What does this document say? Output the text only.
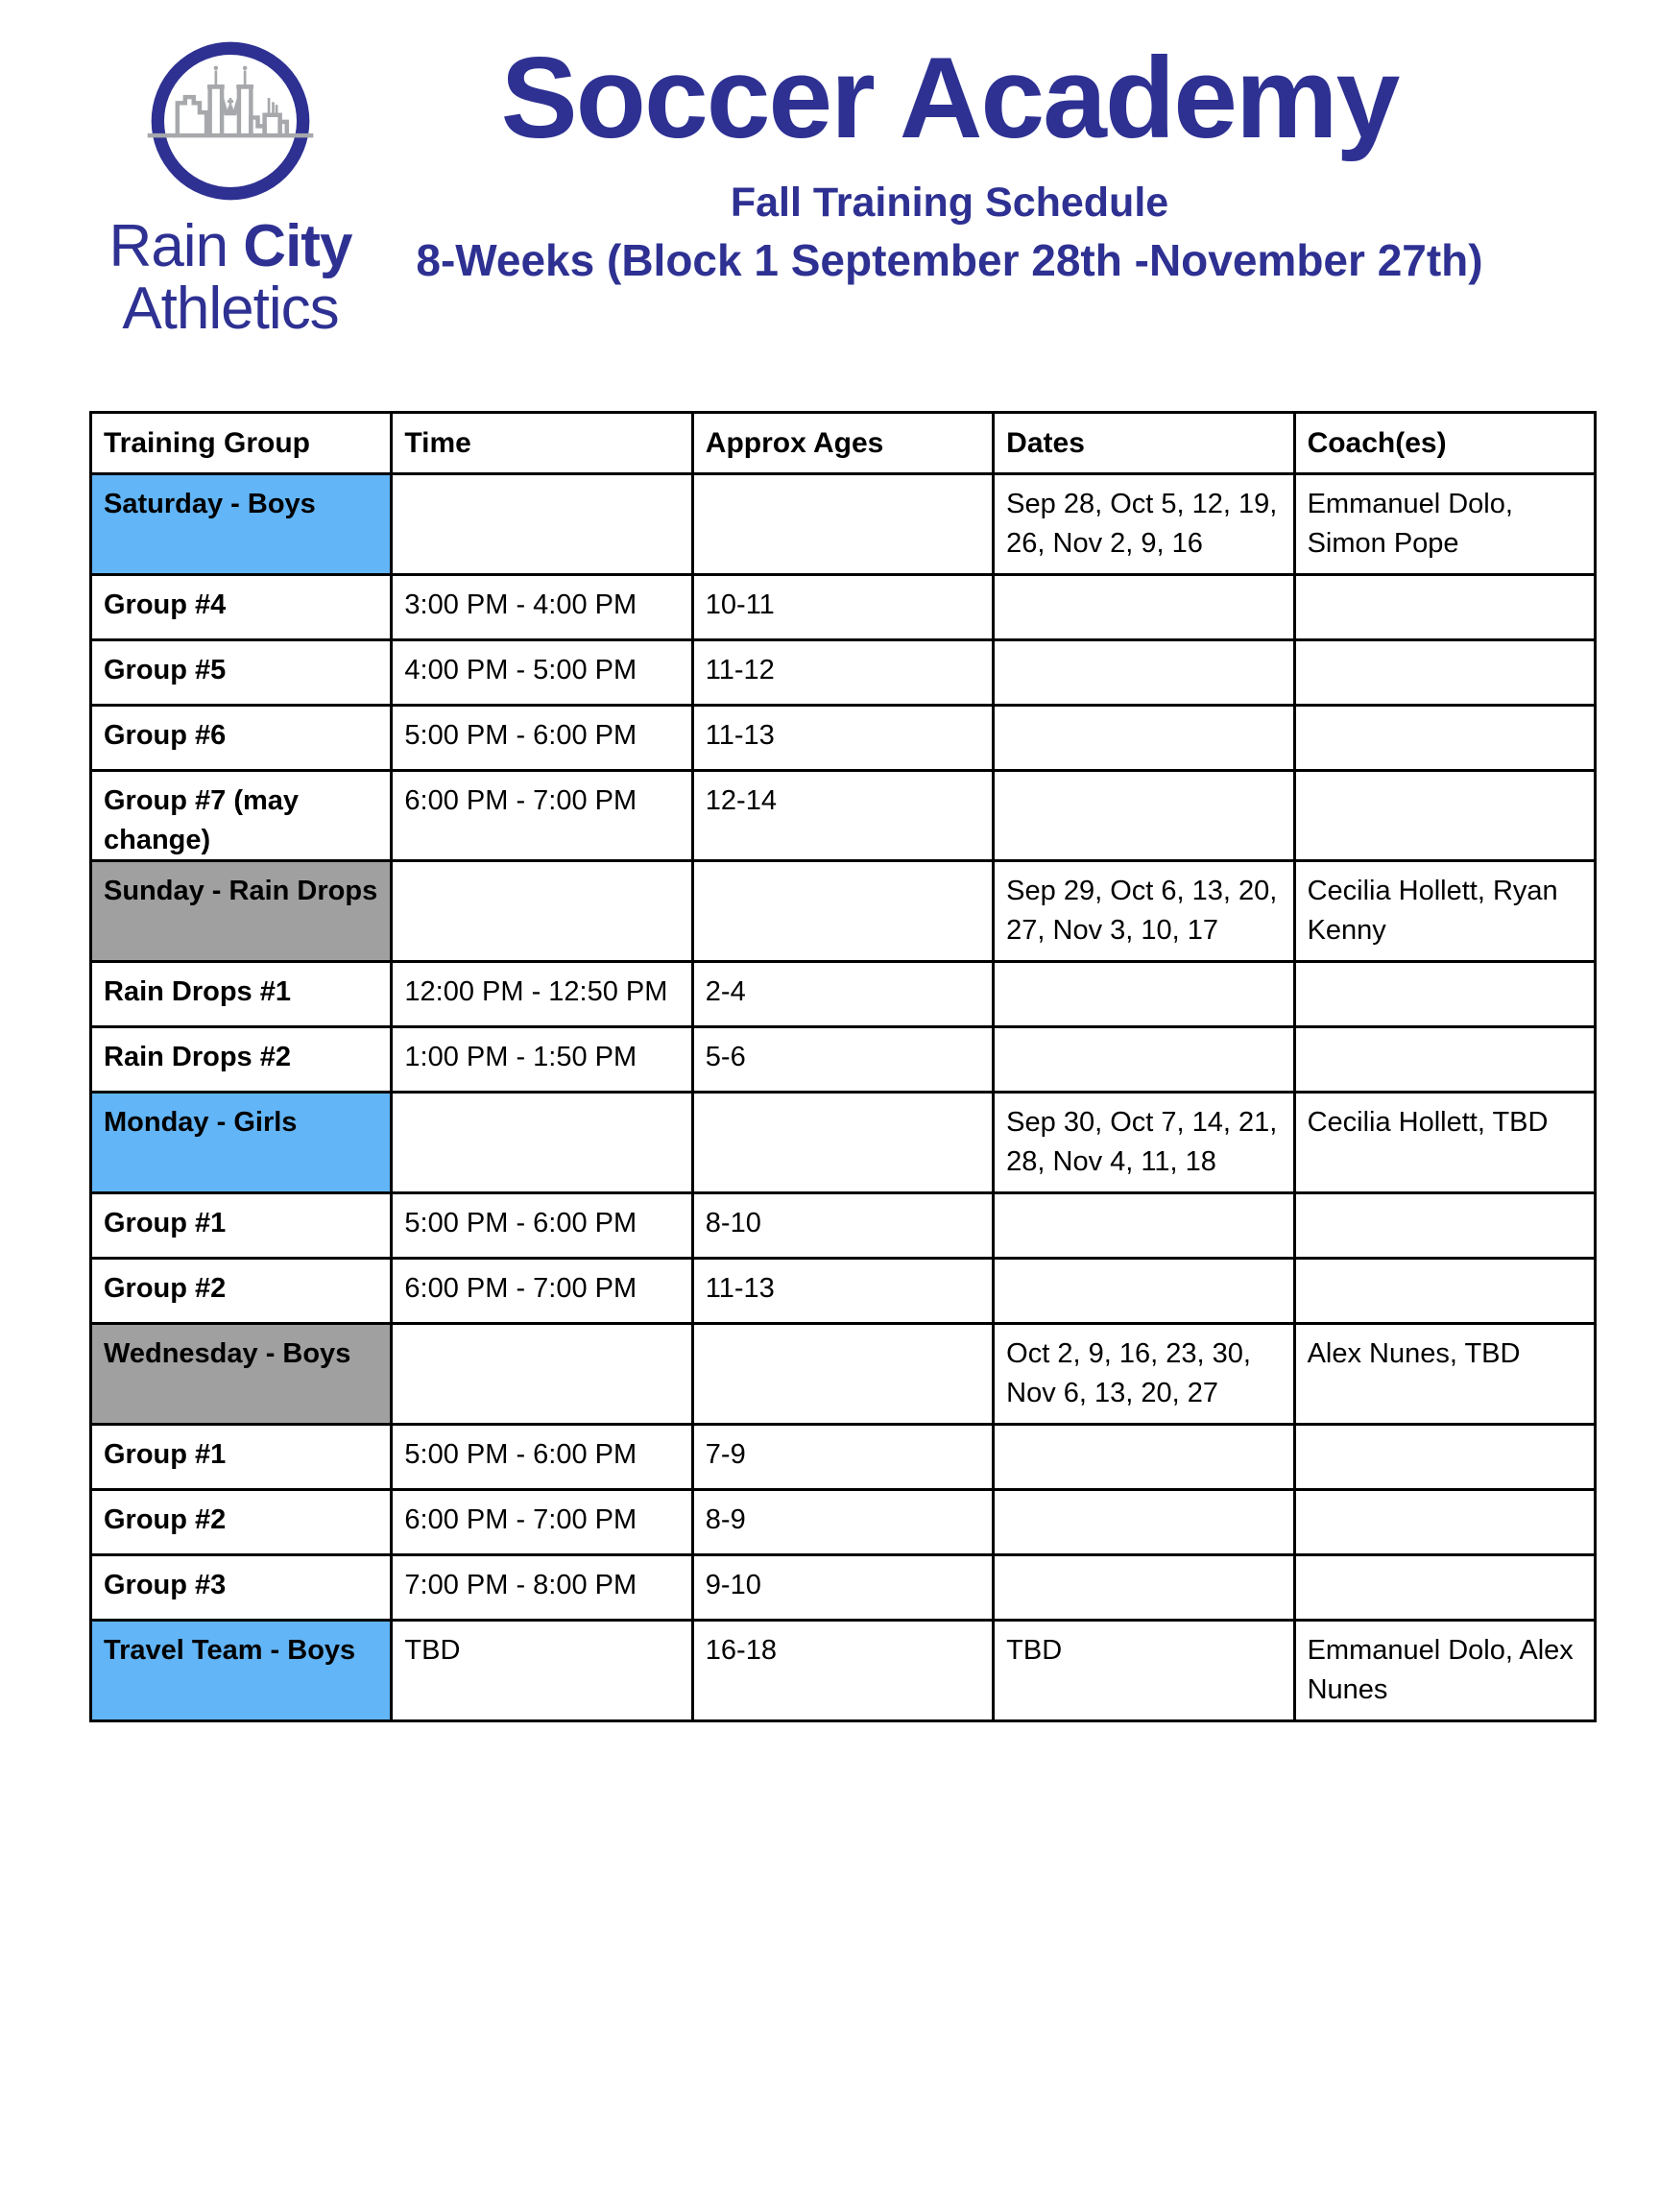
Rain City
Athletics
Soccer Academy
Fall Training Schedule
8-Weeks (Block 1 September 28th -November 27th)
Training Group	Time	Approx Ages	Dates	Coach(es)
Saturday - Boys			Sep 28, Oct 5, 12, 19, 26, Nov 2, 9, 16	Emmanuel Dolo, Simon Pope
Group #4	3:00 PM - 4:00 PM	10-11		
Group #5	4:00 PM - 5:00 PM	11-12		
Group #6	5:00 PM - 6:00 PM	11-13		
Group #7 (may change)	6:00 PM - 7:00 PM	12-14		
Sunday - Rain Drops			Sep 29, Oct 6, 13, 20, 27, Nov 3, 10, 17	Cecilia Hollett, Ryan Kenny
Rain Drops #1	12:00 PM - 12:50 PM	2-4		
Rain Drops #2	1:00 PM - 1:50 PM	5-6		
Monday - Girls			Sep 30, Oct 7, 14, 21, 28, Nov 4, 11, 18	Cecilia Hollett, TBD
Group #1	5:00 PM - 6:00 PM	8-10		
Group #2	6:00 PM - 7:00 PM	11-13		
Wednesday - Boys			Oct 2, 9, 16, 23, 30, Nov 6, 13, 20, 27	Alex Nunes, TBD
Group #1	5:00 PM - 6:00 PM	7-9		
Group #2	6:00 PM - 7:00 PM	8-9		
Group #3	7:00 PM - 8:00 PM	9-10		
Travel Team - Boys	TBD	16-18	TBD	Emmanuel Dolo, Alex Nunes
